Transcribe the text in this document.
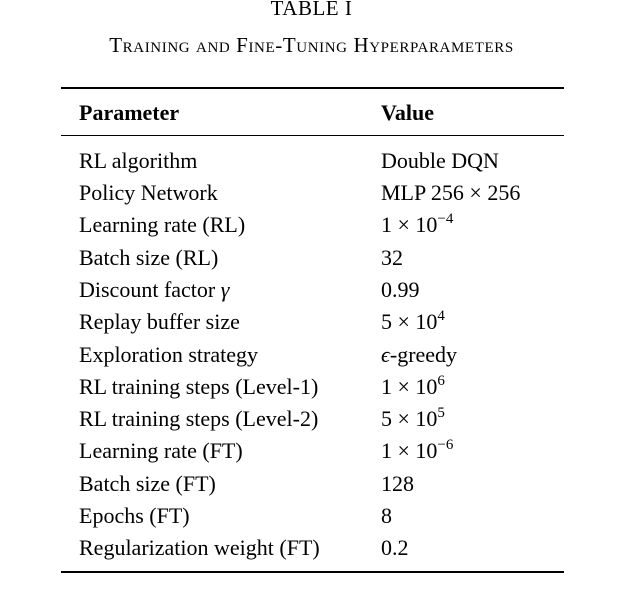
TABLE I
Training and Fine-Tuning Hyperparameters
Parameter	Value
RL algorithm	Double DQN
Policy Network	MLP 256 × 256
Learning rate (RL)	$1 \times 10^{-4}$
Batch size (RL)	32
Discount factor γ	0.99
Replay buffer size	$5 \times 10^4$
Exploration strategy	ϵ-greedy
RL training steps (Level-1)	$1 \times 10^6$
RL training steps (Level-2)	$5 \times 10^5$
Learning rate (FT)	$1 \times 10^{-6}$
Batch size (FT)	128
Epochs (FT)	8
Regularization weight (FT)	0.2
